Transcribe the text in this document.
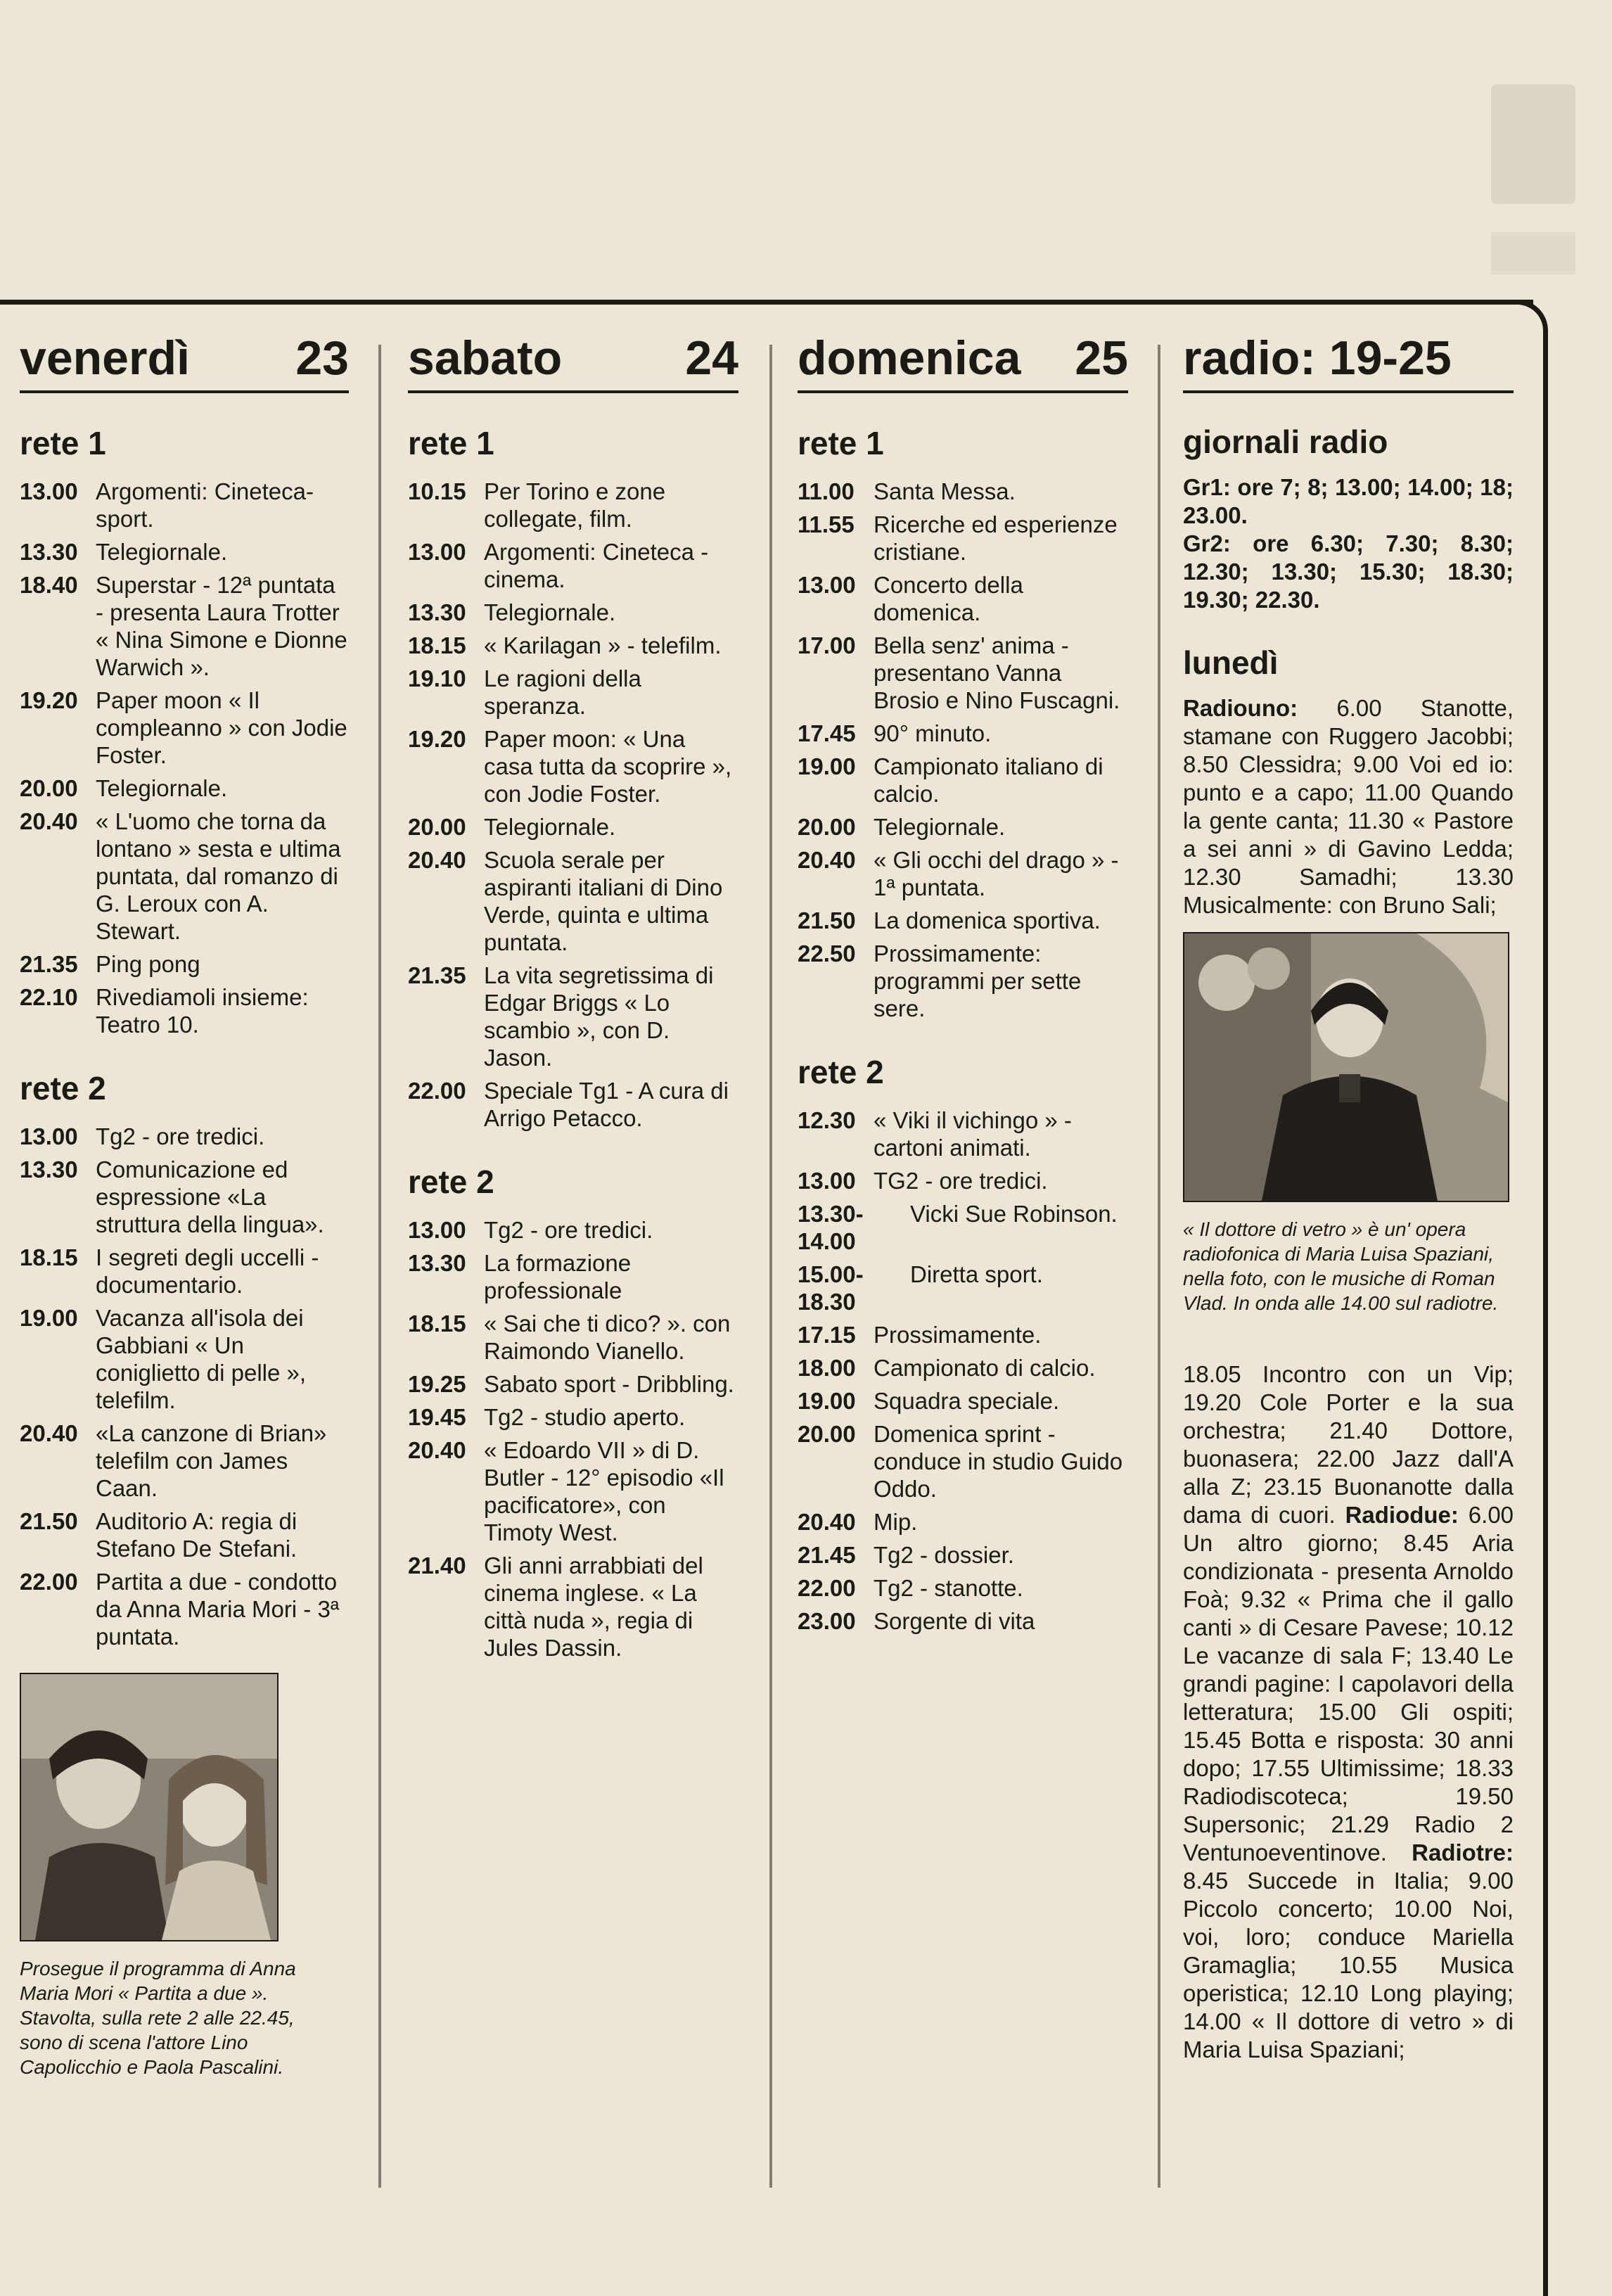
venerdì 23
rete 1
13.00 Argomenti: Cineteca-sport.
13.30 Telegiornale.
18.40 Superstar - 12ª puntata - presenta Laura Trotter « Nina Simone e Dionne Warwich ».
19.20 Paper moon « Il compleanno » con Jodie Foster.
20.00 Telegiornale.
20.40 « L'uomo che torna da lontano » sesta e ultima puntata, dal romanzo di G. Leroux con A. Stewart.
21.35 Ping pong
22.10 Rivediamoli insieme: Teatro 10.
rete 2
13.00 Tg2 - ore tredici.
13.30 Comunicazione ed espressione «La struttura della lingua».
18.15 I segreti degli uccelli - documentario.
19.00 Vacanza all'isola dei Gabbiani « Un coniglietto di pelle », telefilm.
20.40 «La canzone di Brian» telefilm con James Caan.
21.50 Auditorio A: regia di Stefano De Stefani.
22.00 Partita a due - condotto da Anna Maria Mori - 3ª puntata.
Prosegue il programma di Anna Maria Mori « Partita a due ». Stavolta, sulla rete 2 alle 22.45, sono di scena l'attore Lino Capolicchio e Paola Pascalini.
sabato	24
rete 1
10.15 Per Torino e zone collegate, film.
13.00 Argomenti: Cineteca - cinema.
13.30 Telegiornale.
18.15 « Karilagan » - telefilm.
19.10 Le ragioni della speranza.
19.20 Paper moon: « Una casa tutta da scoprire », con Jodie Foster.
20.00 Telegiornale.
20.40 Scuola serale per aspiranti italiani di Dino Verde, quinta e ultima puntata.
21.35 La vita segretissima di Edgar Briggs « Lo scambio », con D. Jason.
22.00 Speciale Tg1 - A cura di Arrigo Petacco.
rete 2
13.00 Tg2 - ore tredici.
13.30 La formazione professionale
18.15 « Sai che ti dico? ». con Raimondo Vianello.
19.25 Sabato sport - Dribbling.
19.45 Tg2 - studio aperto.
20.40 « Edoardo VII » di D. Butler - 12° episodio «Il pacificatore», con Timoty West.
21.40 Gli anni arrabbiati del cinema inglese. « La città nuda », regia di Jules Dassin.
domenica 25
rete 1
11.00 Santa Messa.
11.55 Ricerche ed esperienze cristiane.
13.00 Concerto della domenica.
17.00 Bella senz' anima - presentano Vanna Brosio e Nino Fuscagni.
17.45 90° minuto.
19.00 Campionato italiano di calcio.
20.00 Telegiornale.
20.40 « Gli occhi del drago » - 1ª puntata.
21.50 La domenica sportiva.
22.50 Prossimamente: programmi per sette sere.
rete 2
12.30 « Viki il vichingo » - cartoni animati.
13.00 TG2 - ore tredici.
13.30-14.00
Vicki Sue Robinson.
15.00-18.30
Diretta sport.
17.15 Prossimamente.
18.00 Campionato di calcio.
19.00 Squadra speciale.
20.00 Domenica sprint - conduce in studio Guido Oddo.
20.40 Mip.
21.45 Tg2 - dossier.
22.00 Tg2 - stanotte.
23.00 Sorgente di vita
radio: 19-25
giornali radio
Gr1: ore 7; 8; 13.00; 14.00; 18; 23.00.
Gr2: ore 6.30; 7.30; 8.30; 12.30; 13.30; 15.30; 18.30; 19.30; 22.30.
lunedì
Radiouno: 6.00 Stanotte, stamane con Ruggero Jacobbi; 8.50 Clessidra; 9.00 Voi ed io: punto e a capo; 11.00 Quando la gente canta; 11.30 « Pastore a sei anni » di Gavino Ledda; 12.30 Samadhi; 13.30 Musicalmente: con Bruno Sali;
« Il dottore di vetro » è un' opera radiofonica di Maria Luisa Spaziani, nella foto, con le musiche di Roman Vlad. In onda alle 14.00 sul radiotre.
18.05 Incontro con un Vip; 19.20 Cole Porter e la sua orchestra; 21.40 Dottore, buonasera; 22.00 Jazz dall'A alla Z; 23.15 Buonanotte dalla dama di cuori. Radiodue: 6.00 Un altro giorno; 8.45 Aria condizionata - presenta Arnoldo Foà; 9.32 « Prima che il gallo canti » di Cesare Pavese; 10.12 Le vacanze di sala F; 13.40 Le grandi pagine: I capolavori della letteratura; 15.00 Gli ospiti; 15.45 Botta e risposta: 30 anni dopo; 17.55 Ultimissime; 18.33 Radiodiscoteca; 19.50 Supersonic; 21.29 Radio 2 Ventunoeventinove. Radiotre: 8.45 Succede in Italia; 9.00 Piccolo concerto; 10.00 Noi, voi, loro; conduce Mariella Gramaglia; 10.55 Musica operistica; 12.10 Long playing; 14.00 « Il dottore di vetro » di Maria Luisa Spaziani;
